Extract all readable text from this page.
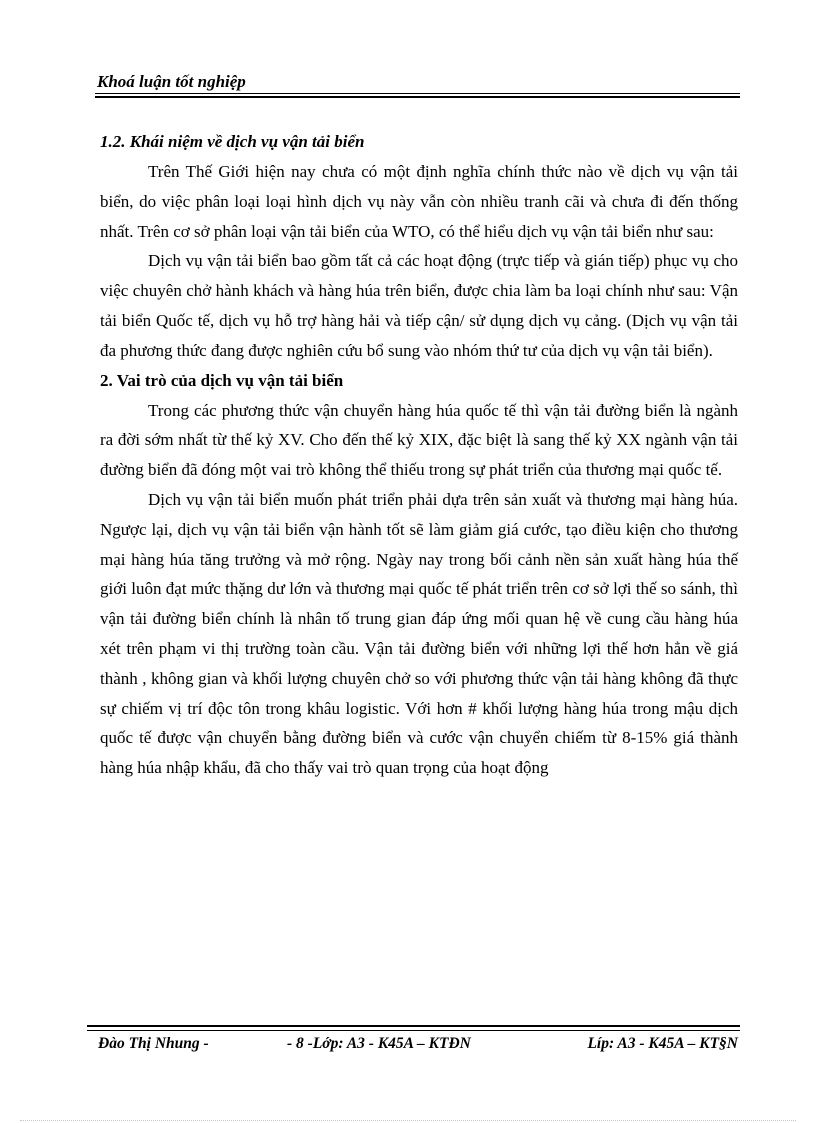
Khoá luận tốt nghiệp
1.2. Khái niệm về dịch vụ vận tải biển

Trên Thế Giới hiện nay chưa có một định nghĩa chính thức nào về dịch vụ vận tải biển, do việc phân loại loại hình dịch vụ này vẫn còn nhiều tranh cãi và chưa đi đến thống nhất. Trên cơ sở phân loại vận tải biển của WTO, có thể hiểu dịch vụ vận tải biển như sau:

Dịch vụ vận tải biển bao gồm tất cả các hoạt động (trực tiếp và gián tiếp) phục vụ cho việc chuyên chở hành khách và hàng húa trên biển, được chia làm ba loại chính như sau: Vận tải biển Quốc tế, dịch vụ hỗ trợ hàng hải và tiếp cận/ sử dụng dịch vụ cảng. (Dịch vụ vận tải đa phương thức đang được nghiên cứu bổ sung vào nhóm thứ tư của dịch vụ vận tải biển).

2. Vai trò của dịch vụ vận tải biển

Trong các phương thức vận chuyển hàng húa quốc tế thì vận tải đường biển là ngành ra đời sớm nhất từ thế kỷ XV. Cho đến thế kỷ XIX, đặc biệt là sang thế kỷ XX ngành vận tải đường biển đã đóng một vai trò không thể thiếu trong sự phát triển của thương mại quốc tế.

Dịch vụ vận tải biển muốn phát triển phải dựa trên sản xuất và thương mại hàng húa. Ngược lại, dịch vụ vận tải biển vận hành tốt sẽ làm giảm giá cước, tạo điều kiện cho thương mại hàng húa tăng trưởng và mở rộng. Ngày nay trong bối cảnh nền sản xuất hàng húa thế giới luôn đạt mức thặng dư lớn và thương mại quốc tế phát triển trên cơ sở lợi thế so sánh, thì vận tải đường biển chính là nhân tố trung gian đáp ứng mối quan hệ về cung cầu hàng húa xét trên phạm vi thị trường toàn cầu. Vận tải đường biển với những lợi thế hơn hẳn về giá thành , không gian và khối lượng chuyên chở so với phương thức vận tải hàng không đã thực sự chiếm vị trí độc tôn trong khâu logistic. Với hơn # khối lượng hàng húa trong mậu dịch quốc tế được vận chuyển bằng đường biển và cước vận chuyển chiếm từ 8-15% giá thành hàng húa nhập khẩu, đã cho thấy vai trò quan trọng của hoạt động

Đào Thị Nhung -	- 8 -Lớp: A3 - K45A – KTĐN	Líp: A3 - K45A – KT§N
